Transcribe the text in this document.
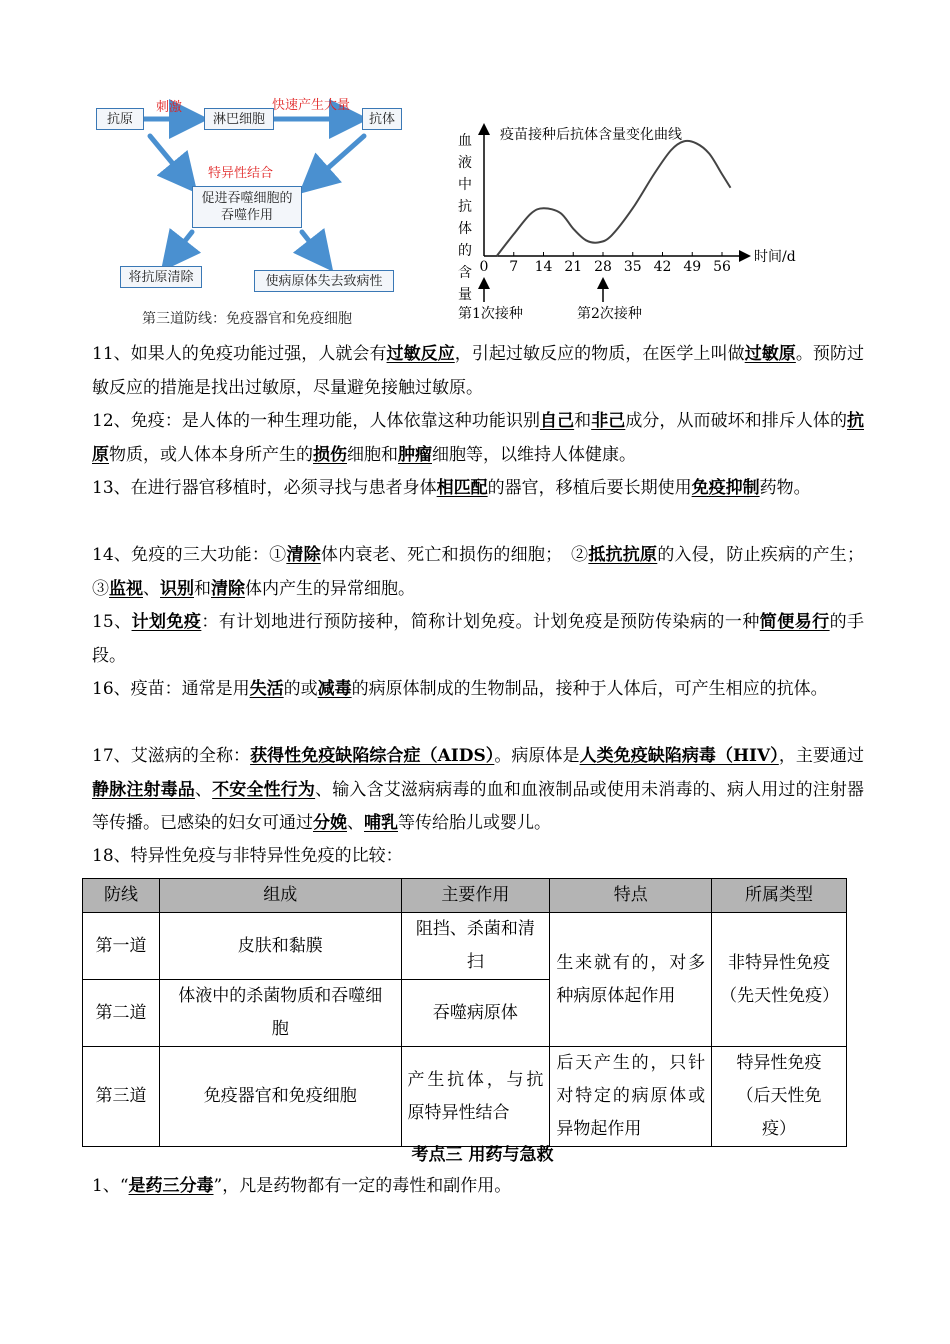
抗原	淋巴细胞	抗体
促进吞噬细胞的吞噬作用
将抗原清除	使病原体失去致病性
刺激	快速产生大量
特异性结合
第三道防线：免疫器官和免疫细胞
血液中抗体的含量
疫苗接种后抗体含量变化曲线
时间/d
0	7	14 21 28 35 42 49 56
第1次接种	第2次接种
11、如果人的免疫功能过强，人就会有过敏反应，引起过敏反应的物质，在医学上叫做过敏原。预防过敏反应的措施是找出过敏原，尽量避免接触过敏原。
12、免疫：是人体的一种生理功能，人体依靠这种功能识别自己和非己成分，从而破坏和排斥人体的抗原物质，或人体本身所产生的损伤细胞和肿瘤细胞等，以维持人体健康。
13、在进行器官移植时，必须寻找与患者身体相匹配的器官，移植后要长期使用免疫抑制药物。
14、免疫的三大功能：①清除体内衰老、死亡和损伤的细胞；　②抵抗抗原的入侵，防止疾病的产生；③监视、识别和清除体内产生的异常细胞。
15、计划免疫：有计划地进行预防接种，简称计划免疫。计划免疫是预防传染病的一种简便易行的手段。
16、疫苗：通常是用失活的或减毒的病原体制成的生物制品，接种于人体后，可产生相应的抗体。
17、艾滋病的全称：获得性免疫缺陷综合症（AIDS）。病原体是人类免疫缺陷病毒（HIV），主要通过静脉注射毒品、不安全性行为、输入含艾滋病病毒的血和血液制品或使用未消毒的、病人用过的注射器等传播。已感染的妇女可通过分娩、哺乳等传给胎儿或婴儿。
18、特异性免疫与非特异性免疫的比较：
防线	组成	主要作用	特点	所属类型
第一道	皮肤和黏膜	阻挡、杀菌和清扫	生来就有的，对多种病原体起作用	非特异性免疫（先天性免疫）
第二道	体液中的杀菌物质和吞噬细胞	吞噬病原体		
第三道	免疫器官和免疫细胞	产生抗体，与抗原特异性结合	后天产生的，只针对特定的病原体或异物起作用	特异性免疫（后天性免疫）
考点三 用药与急救
1、“是药三分毒”，凡是药物都有一定的毒性和副作用。
